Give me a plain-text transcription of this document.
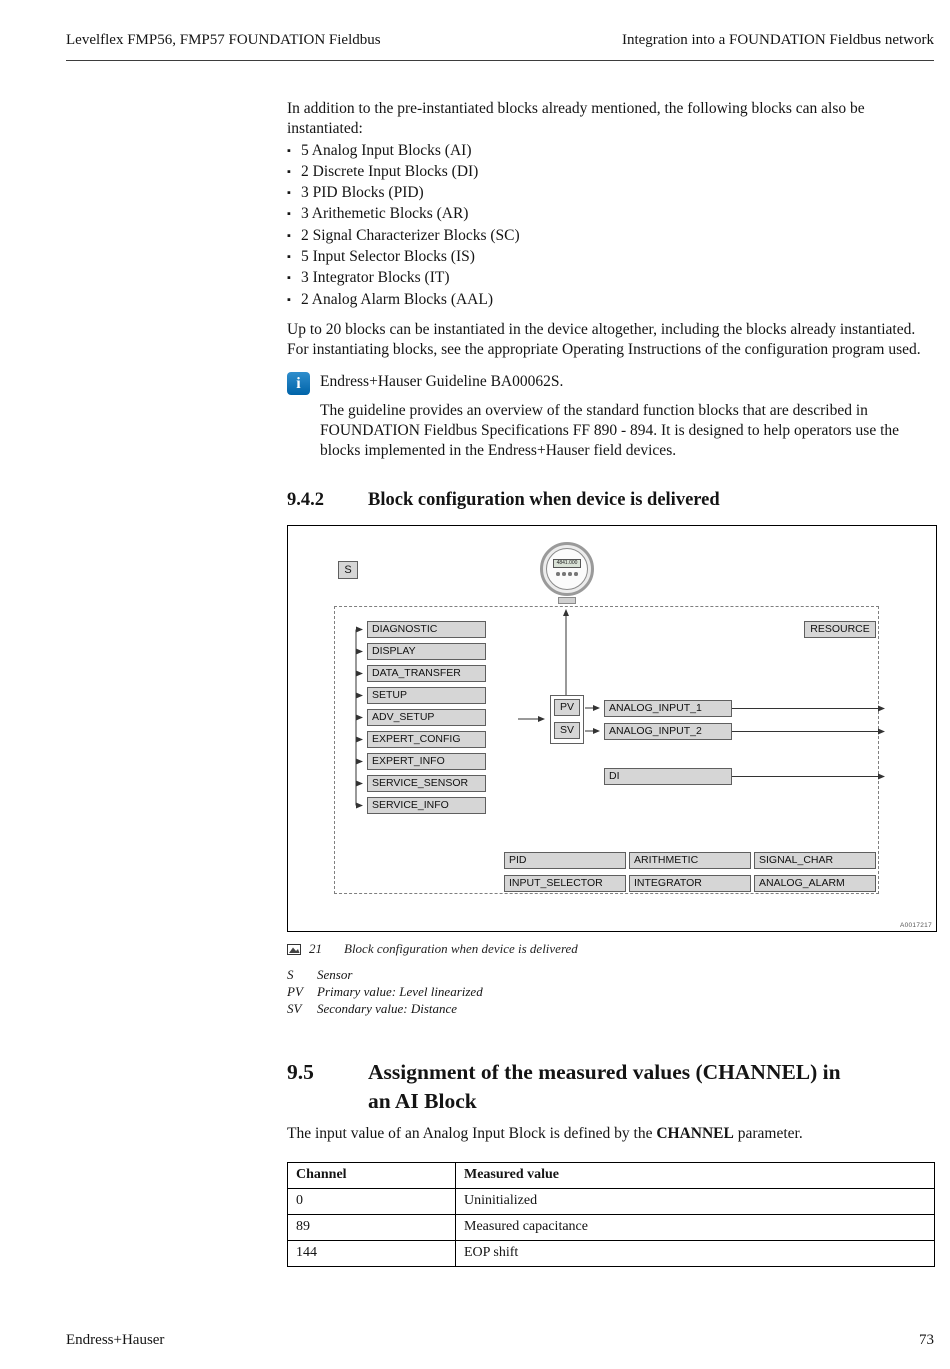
Levelflex FMP56, FMP57 FOUNDATION Fieldbus	Integration into a FOUNDATION Fieldbus network

In addition to the pre-instantiated blocks already mentioned, the following blocks can also be instantiated:

▪
5 Analog Input Blocks (AI)
▪
2 Discrete Input Blocks (DI)
▪
3 PID Blocks (PID)
▪
3 Arithemetic Blocks (AR)
▪
2 Signal Characterizer Blocks (SC)
▪
5 Input Selector Blocks (IS)
▪
3 Integrator Blocks (IT)
▪
2 Analog Alarm Blocks (AAL)

Up to 20 blocks can be instantiated in the device altogether, including the blocks already instantiated. For instantiating blocks, see the appropriate Operating Instructions of the configuration program used.

i
Endress+Hauser Guideline BA00062S.
The guideline provides an overview of the standard function blocks that are described in FOUNDATION Fieldbus Specifications FF 890 - 894. It is designed to help operators use the blocks implemented in the Endress+Hauser field devices.
9.4.2	Block configuration when device is delivered
S
4841.000
DIAGNOSTIC
DISPLAY
DATA_TRANSFER
SETUP
ADV_SETUP
EXPERT_CONFIG
EXPERT_INFO
SERVICE_SENSOR
SERVICE_INFO
RESOURCE
PV
SV
ANALOG_INPUT_1
ANALOG_INPUT_2
DI
PID	ARITHMETIC	SIGNAL_CHAR
INPUT_SELECTOR	INTEGRATOR	ANALOG_ALARM
A0017217
21 Block configuration when device is delivered
S	Sensor
PV	Primary value: Level linearized
SV	Secondary value: Distance
9.5	Assignment of the measured values (CHANNEL) in
an AI Block

The input value of an Analog Input Block is defined by the CHANNEL parameter.

Channel	Measured value
0	Uninitialized
89	Measured capacitance
144	EOP shift
Endress+Hauser	73
